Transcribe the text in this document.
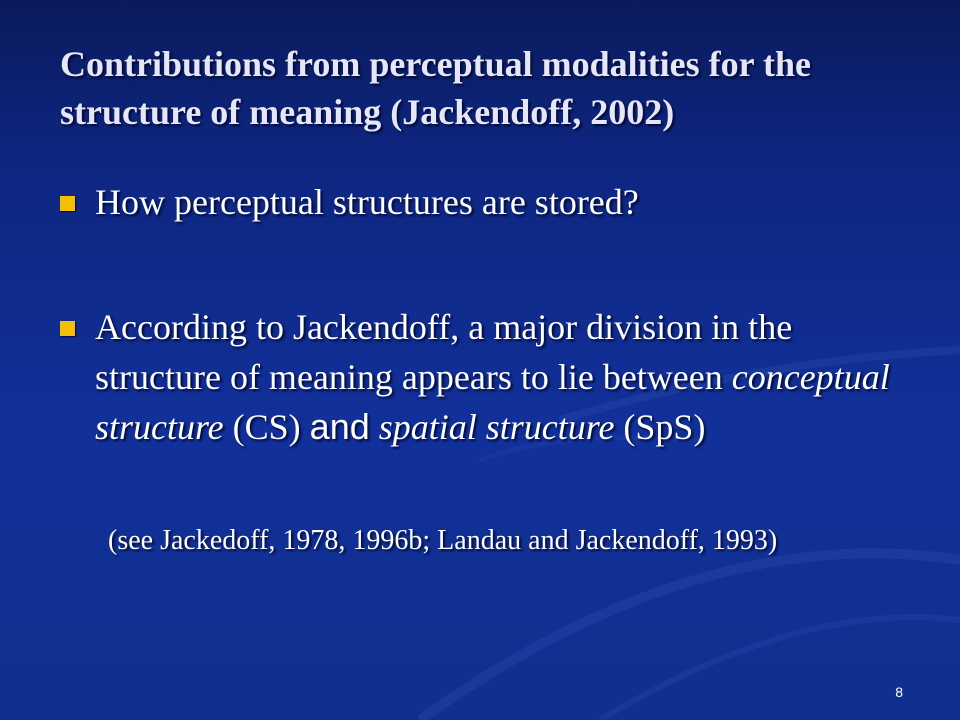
Contributions from perceptual modalities for the structure of meaning (Jackendoff, 2002)
How perceptual structures are stored?
According to Jackendoff, a major division in the structure of meaning appears to lie between conceptual structure (CS) and spatial structure (SpS)
(see Jackedoff, 1978, 1996b; Landau and Jackendoff, 1993)
8
